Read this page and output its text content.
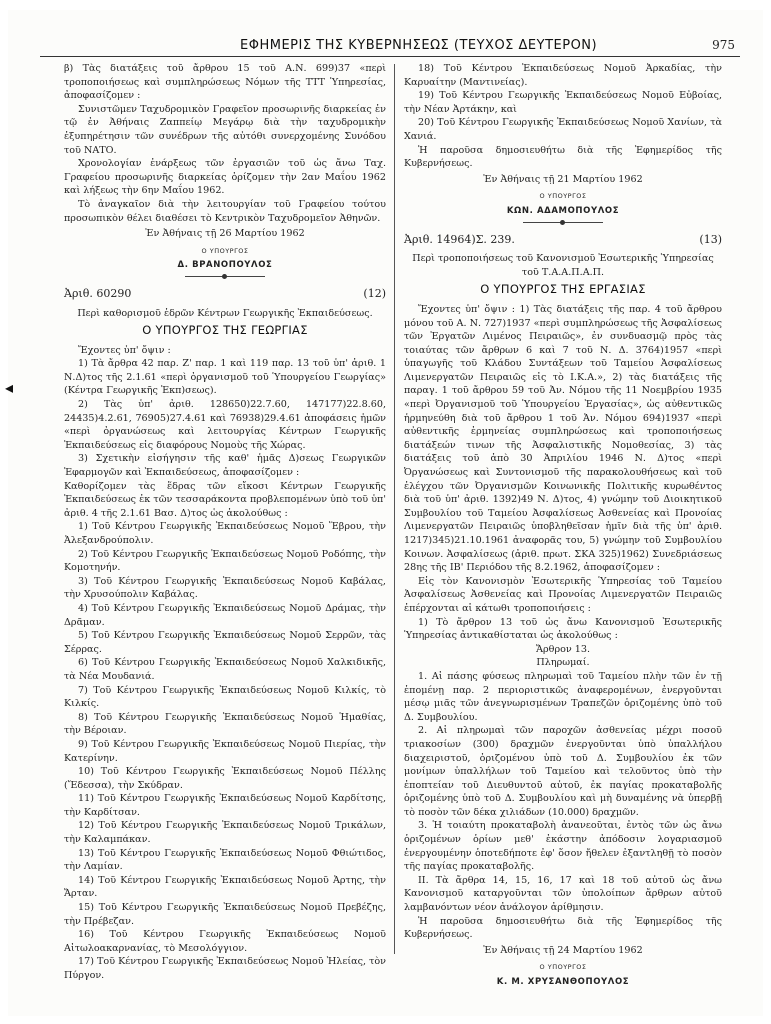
ΕΦΗΜΕΡΙΣ ΤΗΣ ΚΥΒΕΡΝΗΣΕΩΣ (ΤΕΥΧΟΣ ΔΕΥΤΕΡΟΝ)	975
◂

β) Τὰς διατάξεις τοῦ ἄρθρου 15 τοῦ Α.Ν. 699)37 «περὶ τροποποιήσεως καὶ συμπληρώσεως Νόμων τῆς ΤΤΤ Ὑπηρεσίας, ἀποφασίζομεν :

Συνιστῶμεν Ταχυδρομικὸν Γραφεῖον προσωρινῆς διαρκείας ἐν τῷ ἐν Ἀθήναις Ζαππείῳ Μεγάρῳ διὰ τὴν ταχυδρομικὴν ἐξυπηρέτησιν τῶν συνέδρων τῆς αὐτόθι συνερχομένης Συνόδου τοῦ ΝΑΤΟ.

Χρονολογίαν ἐνάρξεως τῶν ἐργασιῶν τοῦ ὡς ἄνω Ταχ. Γραφείου προσωρινῆς διαρκείας ὁρίζομεν τὴν 2αν Μαΐου 1962 καὶ λήξεως τὴν 6ην Μαΐου 1962.

Τὸ ἀναγκαῖον διὰ τὴν λειτουργίαν τοῦ Γραφείου τούτου προσωπικὸν θέλει διαθέσει τὸ Κεντρικὸν Ταχυδρομεῖον Ἀθηνῶν.

Ἐν Ἀθήναις τῇ 26 Μαρτίου 1962

Ο ΥΠΟΥΡΓΟΣ

Δ. ΒΡΑΝΟΠΟΥΛΟΣ

Ἀριθ. 60290	(12)

Περὶ καθορισμοῦ ἑδρῶν Κέντρων Γεωργικῆς Ἐκπαιδεύσεως.

Ο ΥΠΟΥΡΓΟΣ ΤΗΣ ΓΕΩΡΓΙΑΣ

Ἔχοντες ὑπ' ὄψιν :

1) Τὰ ἄρθρα 42 παρ. Ζ' παρ. 1 καὶ 119 παρ. 13 τοῦ ὑπ' ἀριθ. 1 Ν.Δ)τος τῆς 2.1.61 «περὶ ὀργανισμοῦ τοῦ Ὑπουργείου Γεωργίας» (Κέντρα Γεωργικῆς Ἐκπ)σεως).

2) Τὰς ὑπ' ἀριθ. 128650)22.7.60, 147177)22.8.60, 24435)4.2.61, 76905)27.4.61 καὶ 76938)29.4.61 ἀποφάσεις ἡμῶν «περὶ ὀργανώσεως καὶ λειτουργίας Κέντρων Γεωργικῆς Ἐκπαιδεύσεως εἰς διαφόρους Νομοὺς τῆς Χώρας.

3) Σχετικὴν εἰσήγησιν τῆς καθ' ἡμᾶς Δ)σεως Γεωργικῶν Ἐφαρμογῶν καὶ Ἐκπαιδεύσεως, ἀποφασίζομεν :

Καθορίζομεν τὰς ἕδρας τῶν εἴκοσι Κέντρων Γεωργικῆς Ἐκπαιδεύσεως ἐκ τῶν τεσσαράκοντα προβλεπομένων ὑπὸ τοῦ ὑπ' ἀριθ. 4 τῆς 2.1.61 Βασ. Δ)τος ὡς ἀκολούθως :

1) Τοῦ Κέντρου Γεωργικῆς Ἐκπαιδεύσεως Νομοῦ Ἕβρου, τὴν Ἀλεξανδρούπολιν.

2) Τοῦ Κέντρου Γεωργικῆς Ἐκπαιδεύσεως Νομοῦ Ροδόπης, τὴν Κομοτηνήν.

3) Τοῦ Κέντρου Γεωργικῆς Ἐκπαιδεύσεως Νομοῦ Καβάλας, τὴν Χρυσούπολιν Καβάλας.

4) Τοῦ Κέντρου Γεωργικῆς Ἐκπαιδεύσεως Νομοῦ Δράμας, τὴν Δρᾶμαν.

5) Τοῦ Κέντρου Γεωργικῆς Ἐκπαιδεύσεως Νομοῦ Σερρῶν, τὰς Σέρρας.

6) Τοῦ Κέντρου Γεωργικῆς Ἐκπαιδεύσεως Νομοῦ Χαλκιδικῆς, τὰ Νέα Μουδανιά.

7) Τοῦ Κέντρου Γεωργικῆς Ἐκπαιδεύσεως Νομοῦ Κιλκίς, τὸ Κιλκίς.

8) Τοῦ Κέντρου Γεωργικῆς Ἐκπαιδεύσεως Νομοῦ Ἡμαθίας, τὴν Βέροιαν.

9) Τοῦ Κέντρου Γεωργικῆς Ἐκπαιδεύσεως Νομοῦ Πιερίας, τὴν Κατερίνην.

10) Τοῦ Κέντρου Γεωργικῆς Ἐκπαιδεύσεως Νομοῦ Πέλλης (Ἔδεσσα), τὴν Σκύδραν.

11) Τοῦ Κέντρου Γεωργικῆς Ἐκπαιδεύσεως Νομοῦ Καρδίτσης, τὴν Καρδίτσαν.

12) Τοῦ Κέντρου Γεωργικῆς Ἐκπαιδεύσεως Νομοῦ Τρικάλων, τὴν Καλαμπάκαν.

13) Τοῦ Κέντρου Γεωργικῆς Ἐκπαιδεύσεως Νομοῦ Φθιώτιδος, τὴν Λαμίαν.

14) Τοῦ Κέντρου Γεωργικῆς Ἐκπαιδεύσεως Νομοῦ Ἀρτης, τὴν Ἄρταν.

15) Τοῦ Κέντρου Γεωργικῆς Ἐκπαιδεύσεως Νομοῦ Πρεβέζης, τὴν Πρέβεζαν.

16) Τοῦ Κέντρου Γεωργικῆς Ἐκπαιδεύσεως Νομοῦ Αἰτωλοακαρνανίας, τὸ Μεσολόγγιον.

17) Τοῦ Κέντρου Γεωργικῆς Ἐκπαιδεύσεως Νομοῦ Ἠλείας, τὸν Πύργον.

18) Τοῦ Κέντρου Ἐκπαιδεύσεως Νομοῦ Ἀρκαδίας, τὴν Καρυαίτην (Μαντινείας).

19) Τοῦ Κέντρου Γεωργικῆς Ἐκπαιδεύσεως Νομοῦ Εὐβοίας, τὴν Νέαν Ἀρτάκην, καὶ

20) Τοῦ Κέντρου Γεωργικῆς Ἐκπαιδεύσεως Νομοῦ Χανίων, τὰ Χανιά.

Ἡ παροῦσα δημοσιευθήτω διὰ τῆς Ἐφημερίδος τῆς Κυβερνήσεως.

Ἐν Ἀθήναις τῇ 21 Μαρτίου 1962

Ο ΥΠΟΥΡΓΟΣ

ΚΩΝ. ΑΔΑΜΟΠΟΥΛΟΣ

Ἀριθ. 14964)Σ. 239.	(13)

Περὶ τροποποιήσεως τοῦ Κανονισμοῦ Ἐσωτερικῆς Ὑπηρεσίας τοῦ Τ.Α.Α.Π.Α.Π.

Ο ΥΠΟΥΡΓΟΣ ΤΗΣ ΕΡΓΑΣΙΑΣ

Ἔχοντες ὑπ' ὄψιν : 1) Τὰς διατάξεις τῆς παρ. 4 τοῦ ἄρθρου μόνου τοῦ Α. Ν. 727)1937 «περὶ συμπληρώσεως τῆς Ἀσφαλίσεως τῶν Ἐργατῶν Λιμένος Πειραιῶς», ἐν συνδυασμῷ πρὸς τὰς τοιαύτας τῶν ἄρθρων 6 καὶ 7 τοῦ Ν. Δ. 3764)1957 «περὶ ὑπαγωγῆς τοῦ Κλάδου Συντάξεων τοῦ Ταμείου Ἀσφαλίσεως Λιμενεργατῶν Πειραιῶς εἰς τὸ Ι.Κ.Α.», 2) τὰς διατάξεις τῆς παραγ. 1 τοῦ ἄρθρου 59 τοῦ Ἀν. Νόμου τῆς 11 Νοεμβρίου 1935 «περὶ Ὀργανισμοῦ τοῦ Ὑπουργείου Ἐργασίας», ὡς αὐθεντικῶς ἡρμηνεύθη διὰ τοῦ ἄρθρου 1 τοῦ Ἀν. Νόμου 694)1937 «περὶ αὐθεντικῆς ἑρμηνείας συμπληρώσεως καὶ τροποποιήσεως διατάξεών τινων τῆς Ἀσφαλιστικῆς Νομοθεσίας, 3) τὰς διατάξεις τοῦ ἀπὸ 30 Ἀπριλίου 1946 Ν. Δ)τος «περὶ Ὀργανώσεως καὶ Συντονισμοῦ τῆς παρακολουθήσεως καὶ τοῦ ἐλέγχου τῶν Ὀργανισμῶν Κοινωνικῆς Πολιτικῆς κυρωθέντος διὰ τοῦ ὑπ' ἀριθ. 1392)49 Ν. Δ)τος, 4) γνώμην τοῦ Διοικητικοῦ Συμβουλίου τοῦ Ταμείου Ἀσφαλίσεως Ἀσθενείας καὶ Προνοίας Λιμενεργατῶν Πειραιῶς ὑποβληθεῖσαν ἡμῖν διὰ τῆς ὑπ' ἀριθ. 1217)345)21.10.1961 ἀναφορᾶς του, 5) γνώμην τοῦ Συμβουλίου Κοινων. Ἀσφαλίσεως (ἀριθ. πρωτ. ΣΚΑ 325)1962) Συνεδριάσεως 28ης τῆς ΙΒ' Περιόδου τῆς 8.2.1962, ἀποφασίζομεν :

Εἰς τὸν Κανονισμὸν Ἐσωτερικῆς Ὑπηρεσίας τοῦ Ταμείου Ἀσφαλίσεως Ἀσθενείας καὶ Προνοίας Λιμενεργατῶν Πειραιῶς ἐπέρχονται αἱ κάτωθι τροποποιήσεις :

1) Τὸ ἄρθρον 13 τοῦ ὡς ἄνω Κανονισμοῦ Ἐσωτερικῆς Ὑπηρεσίας ἀντικαθίσταται ὡς ἀκολούθως :

Ἄρθρον 13.

Πληρωμαί.

1. Αἱ πάσης φύσεως πληρωμαὶ τοῦ Ταμείου πλὴν τῶν ἐν τῇ ἑπομένῃ παρ. 2 περιοριστικῶς ἀναφερομένων, ἐνεργοῦνται μέσῳ μιᾶς τῶν ἀνεγνωρισμένων Τραπεζῶν ὁριζομένης ὑπὸ τοῦ Δ. Συμβουλίου.

2. Αἱ πληρωμαὶ τῶν παροχῶν ἀσθενείας μέχρι ποσοῦ τριακοσίων (300) δραχμῶν ἐνεργοῦνται ὑπὸ ὑπαλλήλου διαχειριστοῦ, ὁριζομένου ὑπὸ τοῦ Δ. Συμβουλίου ἐκ τῶν μονίμων ὑπαλλήλων τοῦ Ταμείου καὶ τελοῦντος ὑπὸ τὴν ἐποπτείαν τοῦ Διευθυντοῦ αὐτοῦ, ἐκ παγίας προκαταβολῆς ὁριζομένης ὑπὸ τοῦ Δ. Συμβουλίου καὶ μὴ δυναμένης νὰ ὑπερβῇ τὸ ποσὸν τῶν δέκα χιλιάδων (10.000) δραχμῶν.

3. Ἡ τοιαύτη προκαταβολὴ ἀνανεοῦται, ἐντὸς τῶν ὡς ἄνω ὁριζομένων ὁρίων μεθ' ἑκάστην ἀπόδοσιν λογαριασμοῦ ἐνεργουμένην ὁποτεδήποτε ἐφ' ὅσον ἤθελεν ἐξαντληθῇ τὸ ποσὸν τῆς παγίας προκαταβολῆς.

ΙΙ. Τὰ ἄρθρα 14, 15, 16, 17 καὶ 18 τοῦ αὐτοῦ ὡς ἄνω Κανονισμοῦ καταργοῦνται τῶν ὑπολοίπων ἄρθρων αὐτοῦ λαμβανόντων νέον ἀνάλογον ἀρίθμησιν.

Ἡ παροῦσα δημοσιευθήτω διὰ τῆς Ἐφημερίδος τῆς Κυβερνήσεως.

Ἐν Ἀθήναις τῇ 24 Μαρτίου 1962

Ο ΥΠΟΥΡΓΟΣ

Κ. Μ. ΧΡΥΣΑΝΘΟΠΟΥΛΟΣ
